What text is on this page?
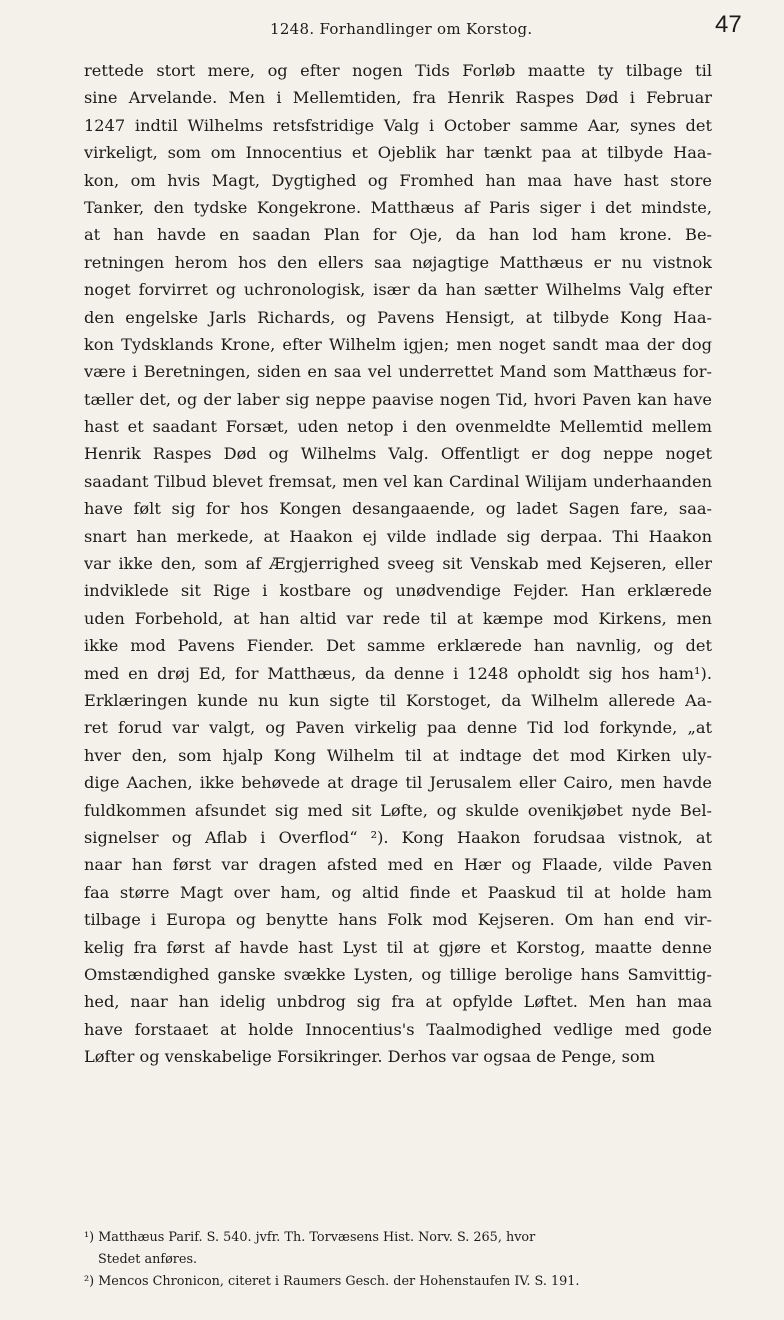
1248. Forhandlinger om Korstog.	47
rettede stort mere, og efter nogen Tids Forløb maatte ty tilbage til
sine Arvelande. Men i Mellemtiden, fra Henrik Raspes Død i Februar
1247 indtil Wilhelms retsfstridige Valg i October samme Aar, synes det
virkeligt, som om Innocentius et Ojeblik har tænkt paa at tilbyde Haa-
kon, om hvis Magt, Dygtighed og Fromhed han maa have hast store
Tanker, den tydske Kongekrone. Matthæus af Paris siger i det mindste,
at han havde en saadan Plan for Oje, da han lod ham krone. Be-
retningen herom hos den ellers saa nøjagtige Matthæus er nu vistnok
noget forvirret og uchronologisk, især da han sætter Wilhelms Valg efter
den engelske Jarls Richards, og Pavens Hensigt, at tilbyde Kong Haa-
kon Tydsklands Krone, efter Wilhelm igjen; men noget sandt maa der dog
være i Beretningen, siden en saa vel underrettet Mand som Matthæus for-
tæller det, og der laber sig neppe paavise nogen Tid, hvori Paven kan have
hast et saadant Forsæt, uden netop i den ovenmeldte Mellemtid mellem
Henrik Raspes Død og Wilhelms Valg. Offentligt er dog neppe noget
saadant Tilbud blevet fremsat, men vel kan Cardinal Wilijam underhaanden
have følt sig for hos Kongen desangaaende, og ladet Sagen fare, saa-
snart han merkede, at Haakon ej vilde indlade sig derpaa. Thi Haakon
var ikke den, som af Ærgjerrighed sveeg sit Venskab med Kejseren, eller
indviklede sit Rige i kostbare og unødvendige Fejder. Han erklærede
uden Forbehold, at han altid var rede til at kæmpe mod Kirkens, men
ikke mod Pavens Fiender. Det samme erklærede han navnlig, og det
med en drøj Ed, for Matthæus, da denne i 1248 opholdt sig hos ham¹).
Erklæringen kunde nu kun sigte til Korstoget, da Wilhelm allerede Aa-
ret forud var valgt, og Paven virkelig paa denne Tid lod forkynde, „at
hver den, som hjalp Kong Wilhelm til at indtage det mod Kirken uly-
dige Aachen, ikke behøvede at drage til Jerusalem eller Cairo, men havde
fuldkommen afsundet sig med sit Løfte, og skulde ovenikjøbet nyde Bel-
signelser og Aflab i Overflod“ ²). Kong Haakon forudsaa vistnok, at
naar han først var dragen afsted med en Hær og Flaade, vilde Paven
faa større Magt over ham, og altid finde et Paaskud til at holde ham
tilbage i Europa og benytte hans Folk mod Kejseren. Om han end vir-
kelig fra først af havde hast Lyst til at gjøre et Korstog, maatte denne
Omstændighed ganske svække Lysten, og tillige berolige hans Samvittig-
hed, naar han idelig unbdrog sig fra at opfylde Løftet. Men han maa
have forstaaet at holde Innocentius's Taalmodighed vedlige med gode
Løfter og venskabelige Forsikringer. Derhos var ogsaa de Penge, som
¹) Matthæus Parif. S. 540. jvfr. Th. Torvæsens Hist. Norv. S. 265, hvor
Stedet anføres.
²) Mencos Chronicon, citeret i Raumers Gesch. der Hohenstaufen IV. S. 191.
